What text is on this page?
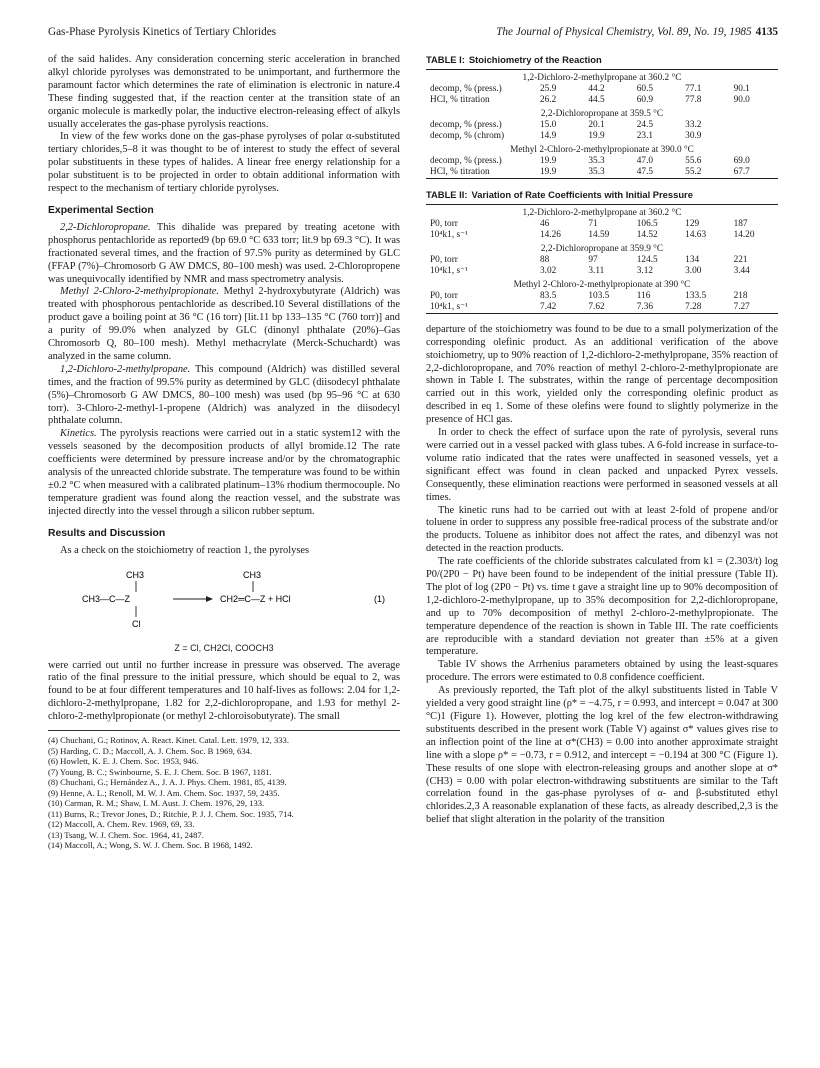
Gas-Phase Pyrolysis Kinetics of Tertiary Chlorides	The Journal of Physical Chemistry, Vol. 89, No. 19, 1985 4135

of the said halides. Any consideration concerning steric acceleration in branched alkyl chloride pyrolyses was demonstrated to be unimportant, and furthermore the paramount factor which determines the rate of elimination is electronic in nature.4 These finding suggested that, if the reaction center at the transition state of an organic molecule is markedly polar, the inductive electron-releasing effect of alkyls usually accelerates the gas-phase pyrolysis reactions.

In view of the few works done on the gas-phase pyrolyses of polar α-substituted tertiary chlorides,5–8 it was thought to be of interest to study the effect of several polar substituents in these types of halides. A linear free energy relationship for a polar substituent is to be projected in order to obtain additional information with respect to the mechanism of tertiary chloride pyrolyses.

Experimental Section

2,2-Dichloropropane. This dihalide was prepared by treating acetone with phosphorus pentachloride as reported9 (bp 69.0 °C 633 torr; lit.9 bp 69.3 °C). It was fractionated several times, and the fraction of 97.5% purity as determined by GLC (FFAP (7%)–Chromosorb G AW DMCS, 80–100 mesh) was used. 2-Chloropropene was unequivocally identified by NMR and mass spectrometry analysis.

Methyl 2-Chloro-2-methylpropionate. Methyl 2-hydroxybutyrate (Aldrich) was treated with phosphorous pentachloride as described.10 Several distillations of the product gave a boiling point at 36 °C (16 torr) [lit.11 bp 133–135 °C (760 torr)] and a purity of 99.0% when analyzed by GLC (dinonyl phthalate (20%)–Gas Chromosorb Q, 80–100 mesh). Methyl methacrylate (Merck-Schuchardt) was analyzed in the same column.

1,2-Dichloro-2-methylpropane. This compound (Aldrich) was distilled several times, and the fraction of 99.5% purity as determined by GLC (diisodecyl phthalate (5%)–Chromosorb G AW DMCS, 80–100 mesh) was used (bp 95–96 °C at 630 torr). 3-Chloro-2-methyl-1-propene (Aldrich) was analyzed in the diisodecyl phthalate column.

Kinetics. The pyrolysis reactions were carried out in a static system12 with the vessels seasoned by the decomposition products of allyl bromide.12 The rate coefficients were determined by pressure increase and/or by the chromatographic analysis of the unreacted chloride substrate. The temperature was found to be within ±0.2 °C when measured with a calibrated platinum–13% rhodium thermocouple. No temperature gradient was found along the reaction vessel, and the substrate was injected directly into the vessel through a silicon rubber septum.

Results and Discussion

As a check on the stoichiometry of reaction 1, the pyrolyses

CH3
CH3—C—Z
Cl
CH3
CH2═C—Z + HCl	(1)
Z = Cl, CH2Cl, COOCH3

were carried out until no further increase in pressure was observed. The average ratio of the final pressure to the initial pressure, which should be equal to 2, was found to be at four different temperatures and 10 half-lives as follows: 2.04 for 1,2-dichloro-2-methylpropane, 1.82 for 2,2-dichloropropane, and 1.93 for methyl 2-chloro-2-methylpropionate (or methyl 2-chloroisobutyrate). The small

(4) Chuchani, G.; Rotinov, A. React. Kinet. Catal. Lett. 1979, 12, 333.
(5) Harding, C. D.; Maccoll, A. J. Chem. Soc. B 1969, 634.
(6) Howlett, K. E. J. Chem. Soc. 1953, 946.
(7) Young, B. C.; Swinbourne, S. E. J. Chem. Soc. B 1967, 1181.
(8) Chuchani, G.; Hernández A., J. A. J. Phys. Chem. 1981, 85, 4139.
(9) Henne, A. L.; Renoll, M. W. J. Am. Chem. Soc. 1937, 59, 2435.
(10) Carman, R. M.; Shaw, I. M. Aust. J. Chem. 1976, 29, 133.
(11) Burns, R.; Trevor Jones, D.; Ritchie, P. J. J. Chem. Soc. 1935, 714.
(12) Maccoll, A. Chem. Rev. 1969, 69, 33.
(13) Tsang, W. J. Chem. Soc. 1964, 41, 2487.
(14) Maccoll, A.; Wong, S. W. J. Chem. Soc. B 1968, 1492.
TABLE I: Stoichiometry of the Reaction
1,2-Dichloro-2-methylpropane at 360.2 °C					
decomp, % (press.)	25.9	44.2	60.5	77.1	90.1
HCl, % titration	26.2	44.5	60.9	77.8	90.0
2,2-Dichloropropane at 359.5 °C					
decomp, % (press.)	15.0	20.1	24.5	33.2	
decomp, % (chrom)	14.9	19.9	23.1	30.9	
Methyl 2-Chloro-2-methylpropionate at 390.0 °C					
decomp, % (press.)	19.9	35.3	47.0	55.6	69.0
HCl, % titration	19.9	35.3	47.5	55.2	67.7
TABLE II: Variation of Rate Coefficients with Initial Pressure
1,2-Dichloro-2-methylpropane at 360.2 °C					
P0, torr	46	71	106.5	129	187
10⁴k1, s⁻¹	14.26	14.59	14.52	14.63	14.20
2,2-Dichloropropane at 359.9 °C					
P0, torr	88	97	124.5	134	221
10⁴k1, s⁻¹	3.02	3.11	3.12	3.00	3.44
Methyl 2-Chloro-2-methylpropionate at 390 °C					
P0, torr	83.5	103.5	116	133.5	218
10⁴k1, s⁻¹	7.42	7.62	7.36	7.28	7.27

departure of the stoichiometry was found to be due to a small polymerization of the corresponding olefinic product. As an additional verification of the above stoichiometry, up to 90% reaction of 1,2-dichloro-2-methylpropane, 35% reaction of 2,2-dichloropropane, and 70% reaction of methyl 2-chloro-2-methylpropionate are shown in Table I. The substrates, within the range of percentage decomposition carried out in this work, yielded only the corresponding olefinic product as described in eq 1. Some of these olefins were found to slightly polymerize in the presence of HCl gas.

In order to check the effect of surface upon the rate of pyrolysis, several runs were carried out in a vessel packed with glass tubes. A 6-fold increase in surface-to-volume ratio indicated that the rates were unaffected in seasoned vessels, yet a significant effect was found in clean packed and unpacked Pyrex vessels. Consequently, these elimination reactions were performed in seasoned vessels at all times.

The kinetic runs had to be carried out with at least 2-fold of propene and/or toluene in order to suppress any possible free-radical process of the substrate and/or the products. Toluene as inhibitor does not affect the rates, and dibenzyl was not detected in the reaction products.

The rate coefficients of the chloride substrates calculated from k1 = (2.303/t) log P0/(2P0 − Pt) have been found to be independent of the initial pressure (Table II). The plot of log (2P0 − Pt) vs. time t gave a straight line up to 90% decomposition of 1,2-dichloro-2-methylpropane, up to 35% decomposition for 2,2-dichloropropane, and up to 70% decomposition of methyl 2-chloro-2-methylpropionate. The temperature dependence of the reaction is shown in Table III. The rate coefficients are reproducible with a standard deviation not greater than ±5% at a given temperature.

Table IV shows the Arrhenius parameters obtained by using the least-squares procedure. The errors were estimated to 0.8 confidence coefficient.

As previously reported, the Taft plot of the alkyl substituents listed in Table V yielded a very good straight line (ρ* = −4.75, r = 0.993, and intercept = 0.047 at 300 °C)1 (Figure 1). However, plotting the log krel of the few electron-withdrawing substituents described in the present work (Table V) against σ* values gives rise to an inflection point of the line at σ*(CH3) = 0.00 into another approximate straight line with a slope ρ* = −0.73, r = 0.912, and intercept = −0.194 at 300 °C (Figure 1). These results of one slope with electron-releasing groups and another slope at σ*(CH3) = 0.00 with polar electron-withdrawing substituents are similar to the Taft correlation found in the gas-phase pyrolyses of α- and β-substituted ethyl chlorides.2,3 A reasonable explanation of these facts, as already described,2,3 is the belief that slight alteration in the polarity of the transition
